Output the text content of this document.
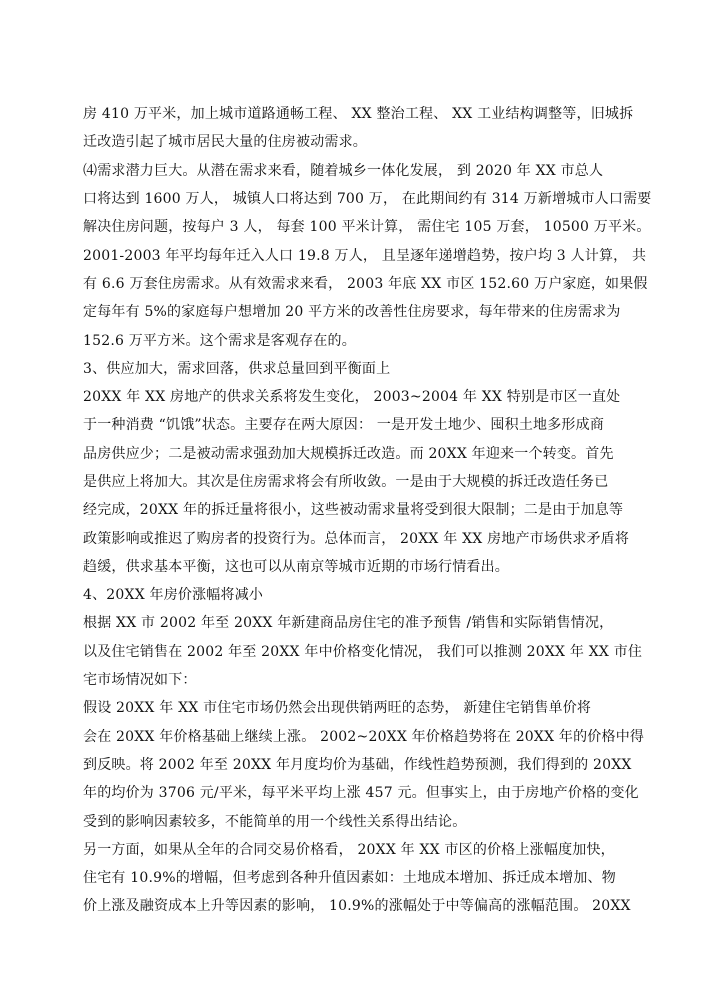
房 410 万平米，加上城市道路通畅工程、 XX 整治工程、 XX 工业结构调整等，旧城拆
迁改造引起了城市居民大量的住房被动需求。
⑷需求潜力巨大。从潜在需求来看，随着城乡一体化发展， 到 2020 年 XX 市总人
口将达到 1600 万人， 城镇人口将达到 700 万， 在此期间约有 314 万新增城市人口需要
解决住房问题，按每户 3 人， 每套 100 平米计算， 需住宅 105 万套， 10500 万平米。
2001-2003 年平均每年迁入人口 19.8 万人， 且呈逐年递增趋势，按户均 3 人计算， 共
有 6.6 万套住房需求。从有效需求来看， 2003 年底 XX 市区 152.60 万户家庭，如果假
定每年有 5%的家庭每户想增加 20 平方米的改善性住房要求，每年带来的住房需求为
152.6 万平方米。这个需求是客观存在的。
3、供应加大，需求回落，供求总量回到平衡面上
20XX 年 XX 房地产的供求关系将发生变化， 2003~2004 年 XX 特别是市区一直处
于一种消费 “饥饿”状态。主要存在两大原因： 一是开发土地少、囤积土地多形成商
品房供应少；二是被动需求强劲加大规模拆迁改造。而 20XX 年迎来一个转变。首先
是供应上将加大。其次是住房需求将会有所收敛。一是由于大规模的拆迁改造任务已
经完成，20XX 年的拆迁量将很小，这些被动需求量将受到很大限制；二是由于加息等
政策影响或推迟了购房者的投资行为。总体而言， 20XX 年 XX 房地产市场供求矛盾将
趋缓，供求基本平衡，这也可以从南京等城市近期的市场行情看出。
4、20XX 年房价涨幅将减小
根据 XX 市 2002 年至 20XX 年新建商品房住宅的准予预售 /销售和实际销售情况，
以及住宅销售在 2002 年至 20XX 年中价格变化情况， 我们可以推测 20XX 年 XX 市住
宅市场情况如下：
假设 20XX 年 XX 市住宅市场仍然会出现供销两旺的态势， 新建住宅销售单价将
会在 20XX 年价格基础上继续上涨。 2002~20XX 年价格趋势将在 20XX 年的价格中得
到反映。将 2002 年至 20XX 年月度均价为基础，作线性趋势预测，我们得到的 20XX
年的均价为 3706 元/平米，每平米平均上涨 457 元。但事实上，由于房地产价格的变化
受到的影响因素较多，不能简单的用一个线性关系得出结论。
另一方面，如果从全年的合同交易价格看， 20XX 年 XX 市区的价格上涨幅度加快，
住宅有 10.9%的增幅，但考虑到各种升值因素如：土地成本增加、拆迁成本增加、物
价上涨及融资成本上升等因素的影响， 10.9%的涨幅处于中等偏高的涨幅范围。 20XX
